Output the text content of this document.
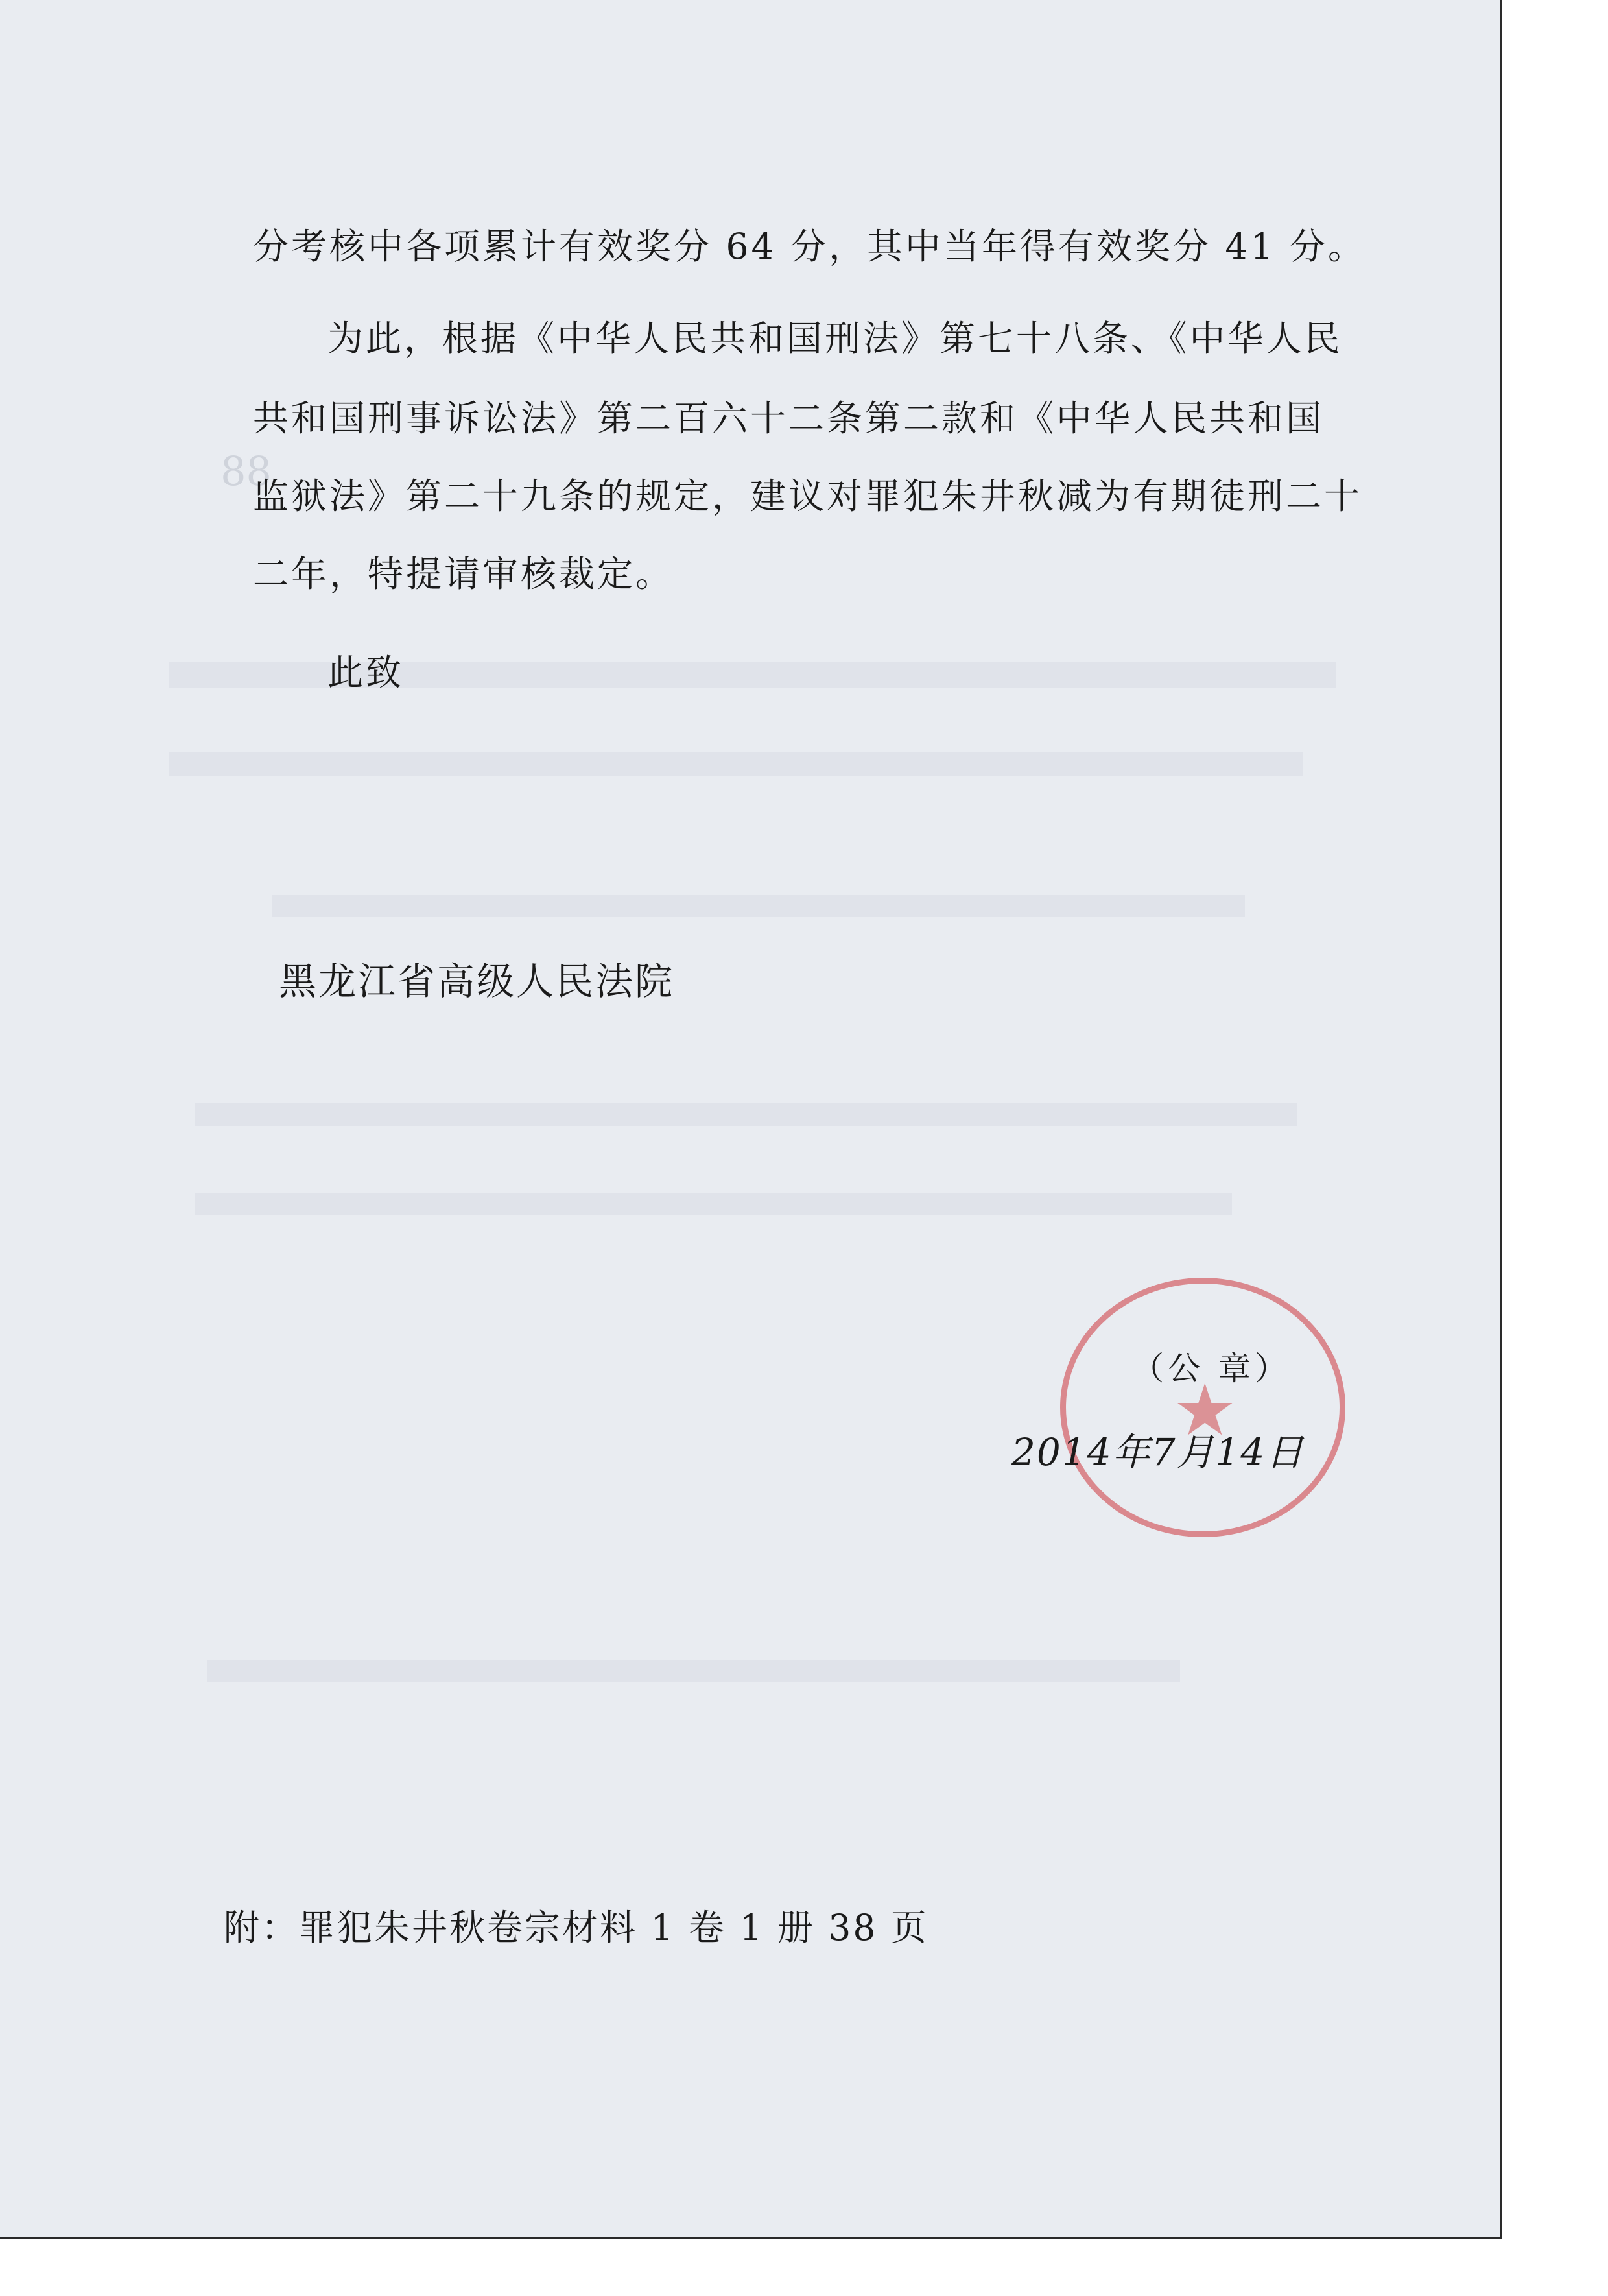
88
分考核中各项累计有效奖分 64 分，其中当年得有效奖分 41 分。
为此，根据《中华人民共和国刑法》第七十八条、《中华人民
共和国刑事诉讼法》第二百六十二条第二款和《中华人民共和国
监狱法》第二十九条的规定，建议对罪犯朱井秋减为有期徒刑二十
二年，特提请审核裁定。
此致
黑龙江省高级人民法院
★
（公 章）
2014年7月14日
附：罪犯朱井秋卷宗材料 1 卷 1 册 38 页
